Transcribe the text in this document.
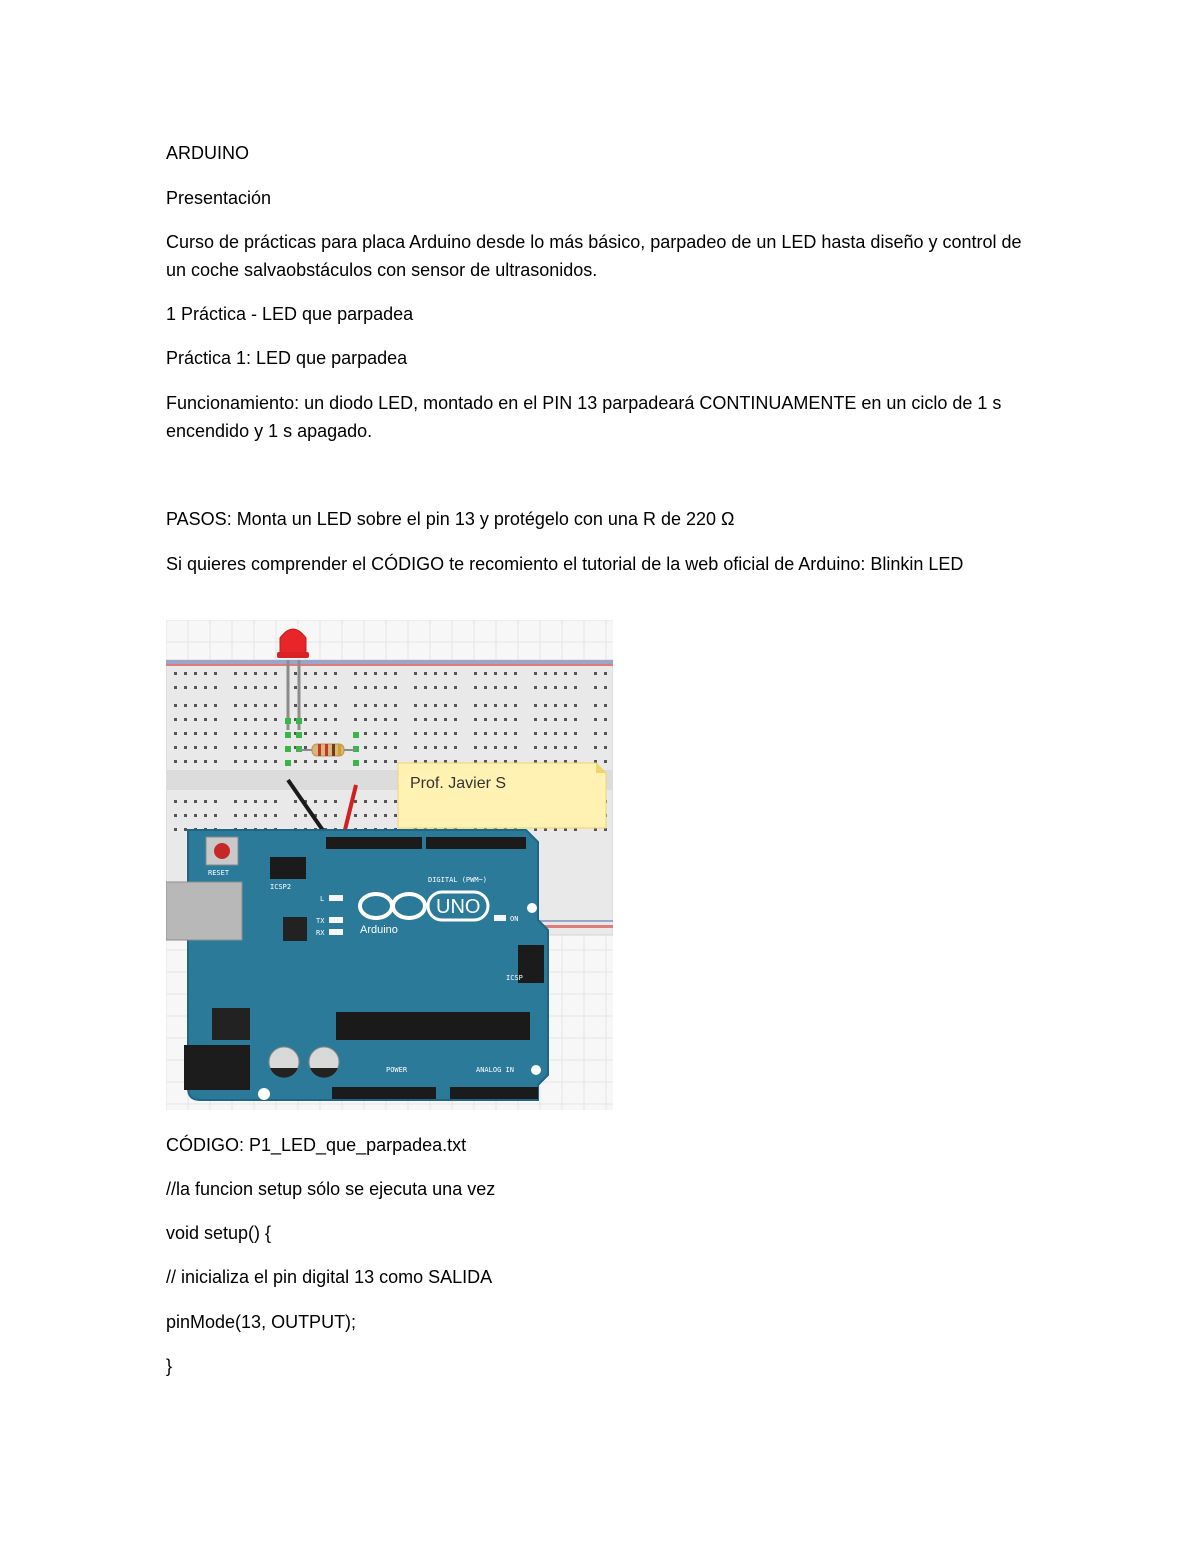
ARDUINO

Presentación

Curso de prácticas para placa Arduino desde lo más básico, parpadeo de un LED hasta diseño y control de un coche salvaobstáculos con sensor de ultrasonidos.

1 Práctica - LED que parpadea

Práctica 1: LED que parpadea

Funcionamiento: un diodo LED, montado en el PIN 13 parpadeará CONTINUAMENTE en un ciclo de 1 s encendido y 1 s apagado.

PASOS: Monta un LED sobre el pin 13 y protégelo con una R de 220 Ω

Si quieres comprender el CÓDIGO te recomiento el tutorial de la web oficial de Arduino: Blinkin LED

Prof. Javier S
RESET
ICSP2
DIGITAL (PWM~)
L
TX
RX
ON
UNO
Arduino
ICSP
POWER	ANALOG IN

CÓDIGO: P1_LED_que_parpadea.txt

//la funcion setup sólo se ejecuta una vez

void setup() {

// inicializa el pin digital 13 como SALIDA

pinMode(13, OUTPUT);

}
